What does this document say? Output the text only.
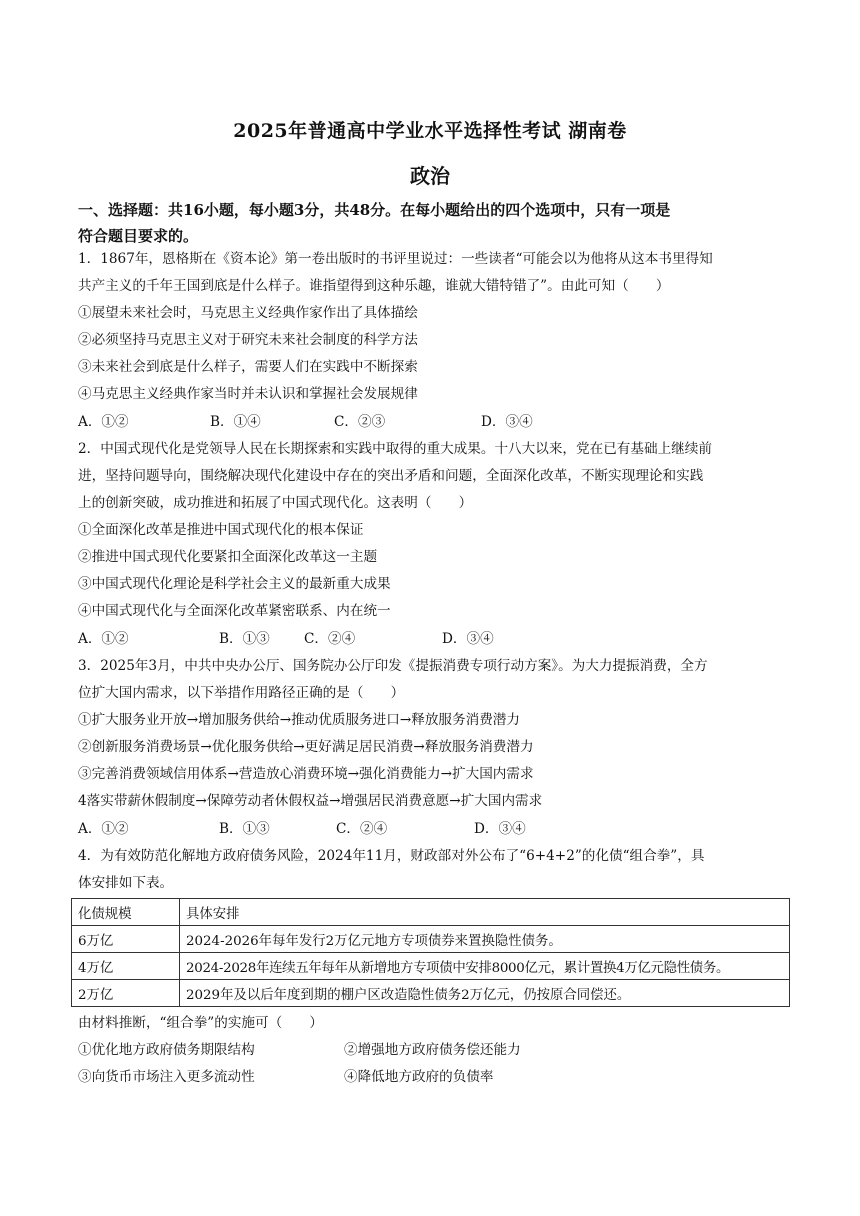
2025年普通高中学业水平选择性考试 湖南卷
政治
一、选择题：共16小题，每小题3分，共48分。在每小题给出的四个选项中，只有一项是
符合题目要求的。
1．1867年，恩格斯在《资本论》第一卷出版时的书评里说过：一些读者“可能会以为他将从这本书里得知
共产主义的千年王国到底是什么样子。谁指望得到这种乐趣，谁就大错特错了”。由此可知（　　）
①展望未来社会时，马克思主义经典作家作出了具体描绘
②必须坚持马克思主义对于研究未来社会制度的科学方法
③未来社会到底是什么样子，需要人们在实践中不断探索
④马克思主义经典作家当时并未认识和掌握社会发展规律
A．①②	B．①④	C．②③	D．③④
2．中国式现代化是党领导人民在长期探索和实践中取得的重大成果。十八大以来，党在已有基础上继续前
进，坚持问题导向，围绕解决现代化建设中存在的突出矛盾和问题，全面深化改革，不断实现理论和实践
上的创新突破，成功推进和拓展了中国式现代化。这表明（　　）
①全面深化改革是推进中国式现代化的根本保证
②推进中国式现代化要紧扣全面深化改革这一主题
③中国式现代化理论是科学社会主义的最新重大成果
④中国式现代化与全面深化改革紧密联系、内在统一
A．①②	B．①③	C．②④	D．③④
3．2025年3月，中共中央办公厅、国务院办公厅印发《提振消费专项行动方案》。为大力提振消费，全方
位扩大国内需求，以下举措作用路径正确的是（　　）
①扩大服务业开放→增加服务供给→推动优质服务进口→释放服务消费潜力
②创新服务消费场景→优化服务供给→更好满足居民消费→释放服务消费潜力
③完善消费领域信用体系→营造放心消费环境→强化消费能力→扩大国内需求
4落实带薪休假制度→保障劳动者休假权益→增强居民消费意愿→扩大国内需求
A．①②	B．①③	C．②④	D．③④
4．为有效防范化解地方政府债务风险，2024年11月，财政部对外公布了“6+4+2”的化债“组合拳”，具
体安排如下表。
化债规模	具体安排
6万亿	2024-2026年每年发行2万亿元地方专项债券来置换隐性债务。
4万亿	2024-2028年连续五年每年从新增地方专项债中安排8000亿元，累计置换4万亿元隐性债务。
2万亿	2029年及以后年度到期的棚户区改造隐性债务2万亿元，仍按原合同偿还。
由材料推断，“组合拳”的实施可（　　）
①优化地方政府债务期限结构	②增强地方政府债务偿还能力
③向货币市场注入更多流动性	④降低地方政府的负债率
